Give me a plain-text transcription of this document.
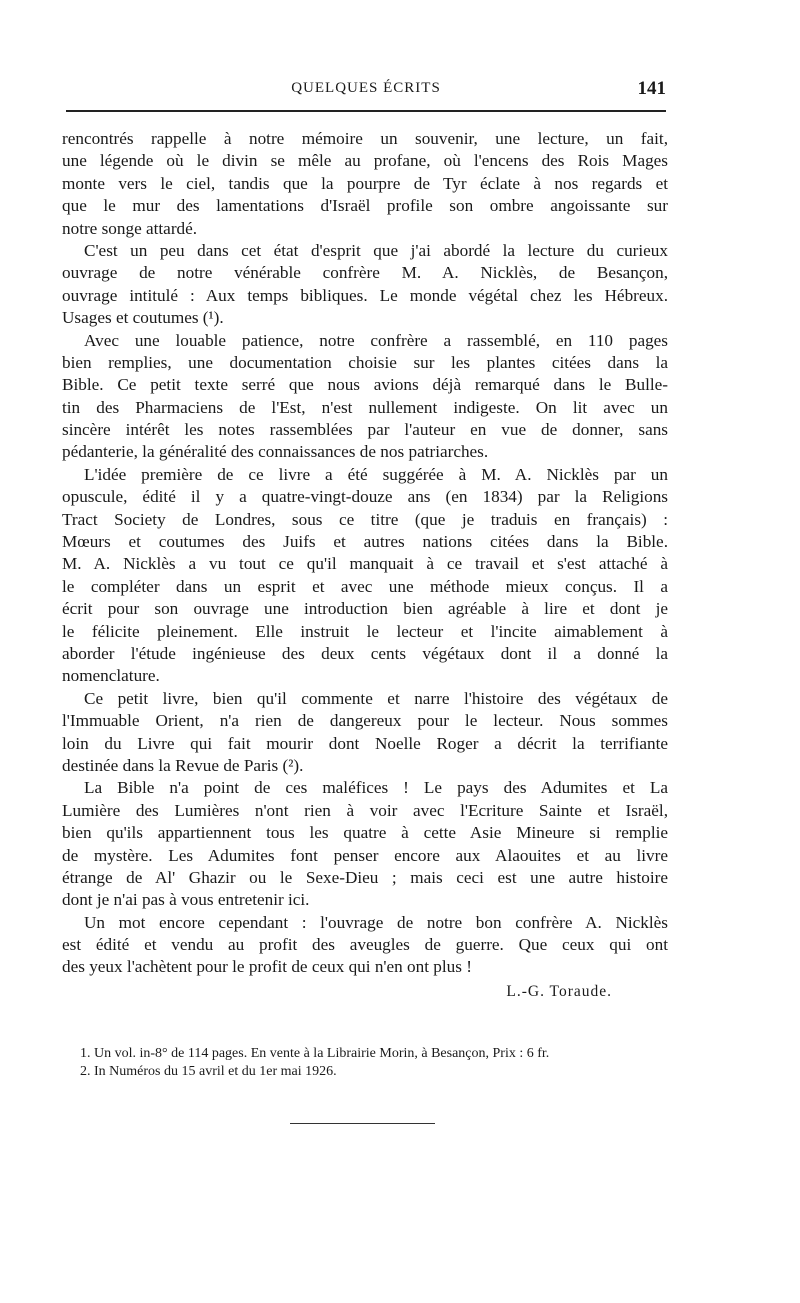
QUELQUES ÉCRITS	141
rencontrés rappelle à notre mémoire un souvenir, une lecture, un fait,
une légende où le divin se mêle au profane, où l'encens des Rois Mages
monte vers le ciel, tandis que la pourpre de Tyr éclate à nos regards et
que le mur des lamentations d'Israël profile son ombre angoissante sur
notre songe attardé.
C'est un peu dans cet état d'esprit que j'ai abordé la lecture du curieux
ouvrage de notre vénérable confrère M. A. Nicklès, de Besançon,
ouvrage intitulé : Aux temps bibliques. Le monde végétal chez les Hébreux.
Usages et coutumes (¹).
Avec une louable patience, notre confrère a rassemblé, en 110 pages
bien remplies, une documentation choisie sur les plantes citées dans la
Bible. Ce petit texte serré que nous avions déjà remarqué dans le Bulle-
tin des Pharmaciens de l'Est, n'est nullement indigeste. On lit avec un
sincère intérêt les notes rassemblées par l'auteur en vue de donner, sans
pédanterie, la généralité des connaissances de nos patriarches.
L'idée première de ce livre a été suggérée à M. A. Nicklès par un
opuscule, édité il y a quatre-vingt-douze ans (en 1834) par la Religions
Tract Society de Londres, sous ce titre (que je traduis en français) :
Mœurs et coutumes des Juifs et autres nations citées dans la Bible.
M. A. Nicklès a vu tout ce qu'il manquait à ce travail et s'est attaché à
le compléter dans un esprit et avec une méthode mieux conçus. Il a
écrit pour son ouvrage une introduction bien agréable à lire et dont je
le félicite pleinement. Elle instruit le lecteur et l'incite aimablement à
aborder l'étude ingénieuse des deux cents végétaux dont il a donné la
nomenclature.
Ce petit livre, bien qu'il commente et narre l'histoire des végétaux de
l'Immuable Orient, n'a rien de dangereux pour le lecteur. Nous sommes
loin du Livre qui fait mourir dont Noelle Roger a décrit la terrifiante
destinée dans la Revue de Paris (²).
La Bible n'a point de ces maléfices ! Le pays des Adumites et La
Lumière des Lumières n'ont rien à voir avec l'Ecriture Sainte et Israël,
bien qu'ils appartiennent tous les quatre à cette Asie Mineure si remplie
de mystère. Les Adumites font penser encore aux Alaouites et au livre
étrange de Al' Ghazir ou le Sexe-Dieu ; mais ceci est une autre histoire
dont je n'ai pas à vous entretenir ici.
Un mot encore cependant : l'ouvrage de notre bon confrère A. Nicklès
est édité et vendu au profit des aveugles de guerre. Que ceux qui ont
des yeux l'achètent pour le profit de ceux qui n'en ont plus !
L.-G. Toraude.
1. Un vol. in-8° de 114 pages. En vente à la Librairie Morin, à Besançon, Prix : 6 fr.
2. In Numéros du 15 avril et du 1er mai 1926.
